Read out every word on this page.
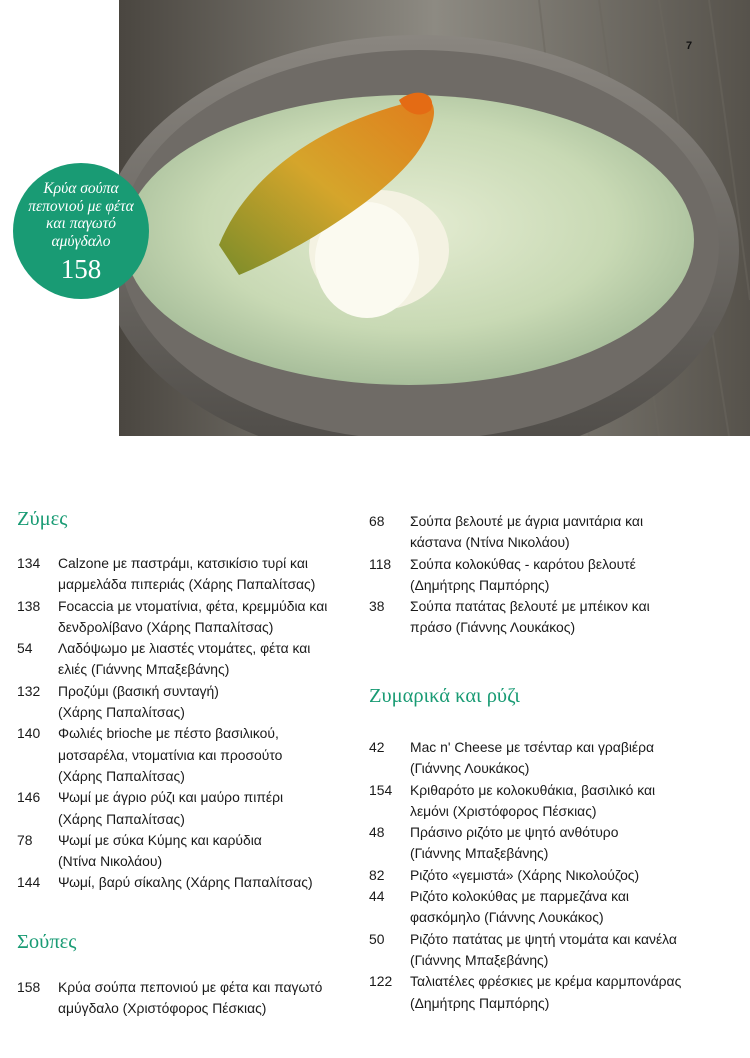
7
Κρύα σούπα
πεπονιού με φέτα
και παγωτό
αμύγδαλο
158
Ζύμες
134	Calzone με παστράμι, κατσικίσιο τυρί και
μαρμελάδα πιπεριάς (Χάρης Παπαλίτσας)
138	Focaccia με ντοματίνια, φέτα, κρεμμύδια και
δενδρολίβανο (Χάρης Παπαλίτσας)
54	Λαδόψωμο με λιαστές ντομάτες, φέτα και
ελιές (Γιάννης Μπαξεβάνης)
132	Προζύμι (βασική συνταγή)
(Χάρης Παπαλίτσας)
140	Φωλιές brioche με πέστο βασιλικού,
μοτσαρέλα, ντοματίνια και προσούτο
(Χάρης Παπαλίτσας)
146	Ψωμί με άγριο ρύζι και μαύρο πιπέρι
(Χάρης Παπαλίτσας)
78	Ψωμί με σύκα Κύμης και καρύδια
(Ντίνα Νικολάου)
144	Ψωμί, βαρύ σίκαλης (Χάρης Παπαλίτσας)
Σούπες
158	Κρύα σούπα πεπονιού με φέτα και παγωτό
αμύγδαλο (Χριστόφορος Πέσκιας)
68	Σούπα βελουτέ με άγρια μανιτάρια και
κάστανα (Ντίνα Νικολάου)
118	Σούπα κολοκύθας - καρότου βελουτέ
(Δημήτρης Παμπόρης)
38	Σούπα πατάτας βελουτέ με μπέικον και
πράσο (Γιάννης Λουκάκος)
Ζυμαρικά και ρύζι
42	Mac n' Cheese με τσένταρ και γραβιέρα
(Γιάννης Λουκάκος)
154	Κριθαρότο με κολοκυθάκια, βασιλικό και
λεμόνι (Χριστόφορος Πέσκιας)
48	Πράσινο ριζότο με ψητό ανθότυρο
(Γιάννης Μπαξεβάνης)
82	Ριζότο «γεμιστά» (Χάρης Νικολούζος)
44	Ριζότο κολοκύθας με παρμεζάνα και
φασκόμηλο (Γιάννης Λουκάκος)
50	Ριζότο πατάτας με ψητή ντομάτα και κανέλα
(Γιάννης Μπαξεβάνης)
122	Ταλιατέλες φρέσκιες με κρέμα καρμπονάρας
(Δημήτρης Παμπόρης)
